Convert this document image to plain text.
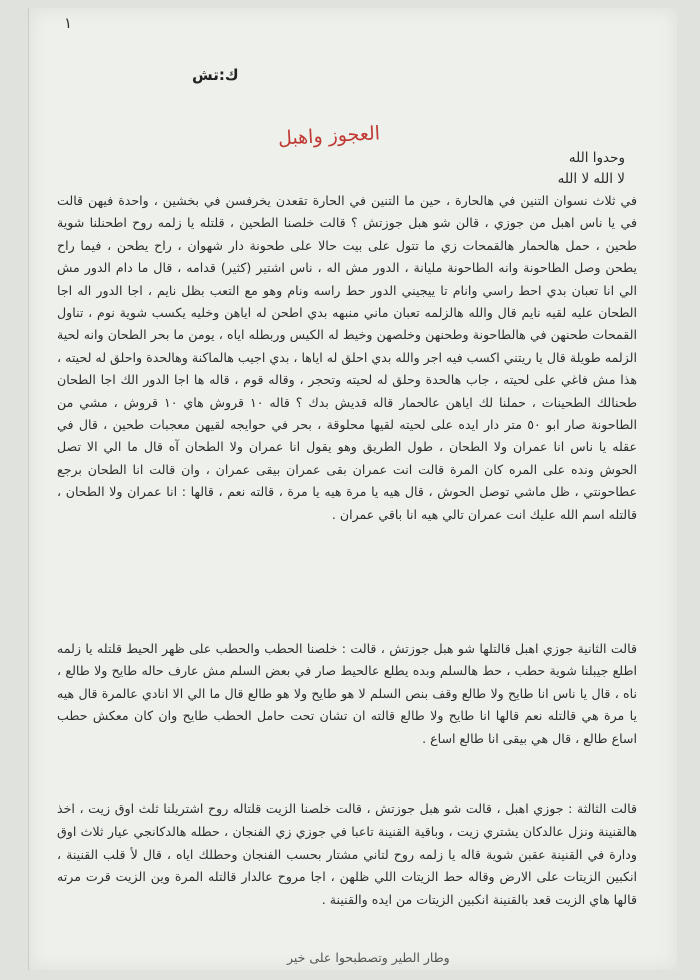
١
ك:تش
العجوز واهبل
وحدوا الله
لا الله لا الله

في ثلاث نسوان التنين في هالحارة ، حين ما التنين في الحارة تقعدن يخرفسن في بخشين ، واحدة فيهن قالت في يا ناس اهبل من جوزي ، قالن شو هبل جوزتش ؟ قالت خلصنا الطحين ، قلتله يا زلمه روح اطحنلنا شوية طحين ، حمل هالحمار هالقمحات زي ما تتول على بيت حالا على طحونة دار شهوان ، راح يطحن ، فيما راح يطحن وصل الطاحونة وانه الطاحونة مليانة ، الدور مش اله ، ناس اشتير (كثير) قدامه ، قال ما دام الدور مش الي انا تعبان بدي احط راسي وانام تا ييجيني الدور حط راسه ونام وهو مع التعب بظل نايم ، اجا الدور اله اجا الطحان عليه لقيه نايم قال والله هالزلمه تعبان ماني منبهه بدي اطحن له اياهن وخليه يكسب شوية نوم ، تناول القمحات طحنهن في هالطاحونة وطحنهن وخلصهن وخيط له الكيس وربطله اياه ، يومن ما بحر الطحان وانه لحية الزلمه طويلة قال يا ريتني اكسب فيه اجر والله بدي احلق له اياها ، بدي اجيب هالماكنة وهالحدة واحلق له لحيته ، هذا مش فاغي على لحيته ، جاب هالحدة وحلق له لحيته وتحجر ، وقاله قوم ، قاله ها اجا الدور الك اجا الطحان طحنالك الطحينات ، حملنا لك اياهن عالحمار قاله قديش بدك ؟ قاله ١٠ قروش هاي ١٠ قروش ، مشي من الطاحونة صار ابو ٥٠ متر دار ايده على لحيته لقيها محلوقة ، بحر في حوايجه لقيهن معجبات طحين ، قال في عقله يا ناس انا عمران ولا الطحان ، طول الطريق وهو يقول انا عمران ولا الطحان آه قال ما الي الا تصل الحوش ونده على المره كان المرة قالت انت عمران بقى عمران بيقى عمران ، وان قالت انا الطحان برجع عطاحونتي ، ظل ماشي توصل الحوش ، قال هيه يا مرة هيه يا مرة ، قالته نعم ، قالها : انا عمران ولا الطحان ، قالتله اسم الله عليك انت عمران تالي هيه انا باقي عمران .

قالت الثانية جوزي اهبل قالتلها شو هبل جوزتش ، قالت : خلصنا الحطب والحطب على ظهر الحيط قلتله يا زلمه اطلع جيبلنا شوية حطب ، حط هالسلم وبده يطلع عالحيط صار في بعض السلم مش عارف حاله طايح ولا طالع ، ناه ، قال يا ناس انا طايح ولا طالع وقف بنص السلم لا هو طايح ولا هو طالع قال ما الي الا انادي عالمرة قال هيه يا مرة هي قالتله نعم قالها انا طايح ولا طالع قالته ان تشان تحت حامل الحطب طايح وان كان معكش حطب اساع طالع ، قال هي بيقى انا طالع اساع .

قالت الثالثة : جوزي اهبل ، قالت شو هبل جوزتش ، قالت خلصنا الزيت قلتاله روح اشتريلنا ثلث اوق زيت ، اخذ هالقنينة ونزل عالدكان يشتري زيت ، وباقية القنينة تاعبا في جوزي زي الفنجان ، حطله هالدكانجي عيار ثلاث اوق ودارة في القنينة عقبن شوية قاله يا زلمه روح لتاني مشتار بحسب الفنجان وحطلك اياه ، قال لأ قلب القنينة ، انكبين الزيتات على الارض وقاله حط الزيتات اللي ظلهن ، اجا مروح عالدار قالتله المرة وين الزيت قرت مرته قالها هاي الزيت قعد بالقنينة انكبين الزيتات من ايده والقنينة .

وطار الطير وتصطبحوا على خير
